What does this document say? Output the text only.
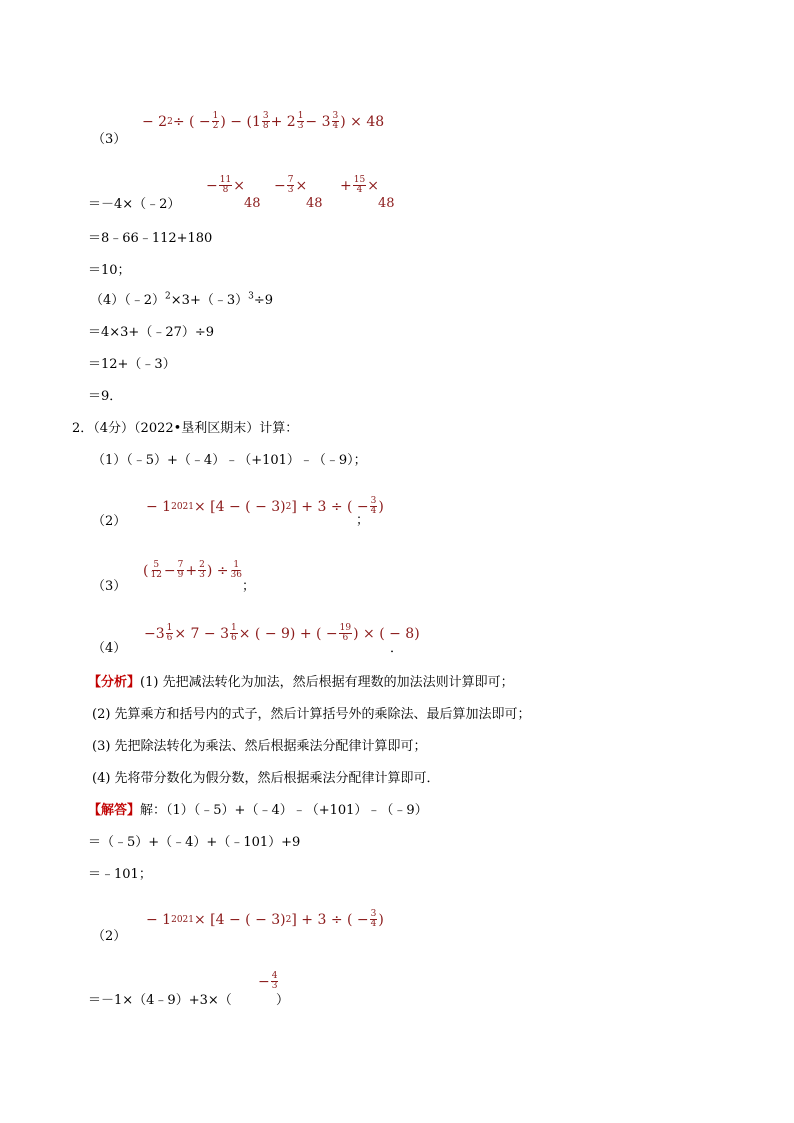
− 2 2 ÷ ( − $\frac{1}{2}$ ) − ($1 \frac{3}{8} + 2 \frac{1}{3} - 3 \frac{3}{4}$ ) × 48
（3）
＝－4×（﹣2）
− $\frac{11}{8}$ ×
48
− $\frac{7}{3}$ ×
48
+ $\frac{15}{4}$ ×
48
＝8﹣66﹣112+180
＝10；
（4）（﹣2）$^2$×3+（﹣3）$^3$÷9
＝4×3+（﹣27）÷9
＝12+（﹣3）
＝9．
2．（4分）（2022•垦利区期末）计算：
（1）（﹣5）+（﹣4）﹣（+101）﹣（﹣9）；
− 1 2021 × [4 − ( − 3) 2 ] + 3 ÷ ( − $\frac{3}{4}$ )
（2）	；
( $\frac{5}{12} - \frac{7}{9} + \frac{2}{3}$ ) ÷ $\frac{1}{36}$
（3）	；
$-3 \frac{1}{6} \times 7 - 3 \frac{1}{6}$ × ( − 9) + ( − $\frac{19}{6}$ ) × ( − 8)
（4）	．
【分析】(1) 先把减法转化为加法，然后根据有理数的加法法则计算即可；
(2) 先算乘方和括号内的式子，然后计算括号外的乘除法、最后算加法即可；
(3) 先把除法转化为乘法、然后根据乘法分配律计算即可；
(4) 先将带分数化为假分数，然后根据乘法分配律计算即可．
【解答】解：（1）（﹣5）+（﹣4）﹣（+101）﹣（﹣9）
＝（﹣5）+（﹣4）+（﹣101）+9
＝﹣101；
− 1 2021 × [4 − ( − 3) 2 ] + 3 ÷ ( − $\frac{3}{4}$ )
（2）
＝－1×（4﹣9）+3×（
− $\frac{4}{3}$
）
